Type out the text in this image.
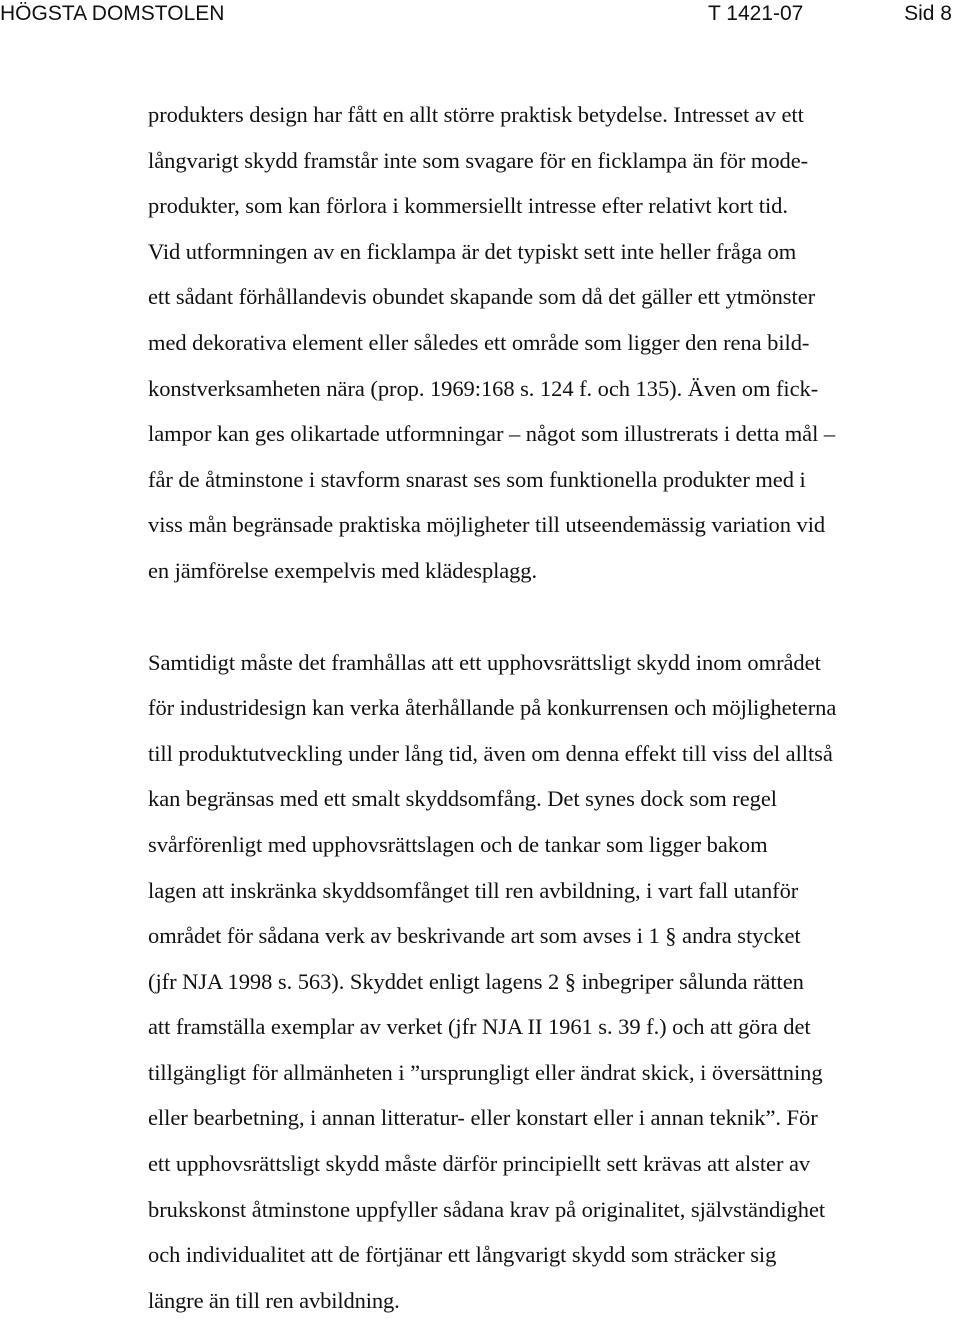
HÖGSTA DOMSTOLEN	T 1421-07	Sid 8
produkters design har fått en allt större praktisk betydelse. Intresset av ett
långvarigt skydd framstår inte som svagare för en ficklampa än för mode-
produkter, som kan förlora i kommersiellt intresse efter relativt kort tid.
Vid utformningen av en ficklampa är det typiskt sett inte heller fråga om
ett sådant förhållandevis obundet skapande som då det gäller ett ytmönster
med dekorativa element eller således ett område som ligger den rena bild-
konstverksamheten nära (prop. 1969:168 s. 124 f. och 135). Även om fick-
lampor kan ges olikartade utformningar – något som illustrerats i detta mål –
får de åtminstone i stavform snarast ses som funktionella produkter med i
viss mån begränsade praktiska möjligheter till utseendemässig variation vid
en jämförelse exempelvis med klädesplagg.
Samtidigt måste det framhållas att ett upphovsrättsligt skydd inom området
för industridesign kan verka återhållande på konkurrensen och möjligheterna
till produktutveckling under lång tid, även om denna effekt till viss del alltså
kan begränsas med ett smalt skyddsomfång. Det synes dock som regel
svårförenligt med upphovsrättslagen och de tankar som ligger bakom
lagen att inskränka skyddsomfånget till ren avbildning, i vart fall utanför
området för sådana verk av beskrivande art som avses i 1 § andra stycket
(jfr NJA 1998 s. 563). Skyddet enligt lagens 2 § inbegriper sålunda rätten
att framställa exemplar av verket (jfr NJA II 1961 s. 39 f.) och att göra det
tillgängligt för allmänheten i ”ursprungligt eller ändrat skick, i översättning
eller bearbetning, i annan litteratur- eller konstart eller i annan teknik”. För
ett upphovsrättsligt skydd måste därför principiellt sett krävas att alster av
brukskonst åtminstone uppfyller sådana krav på originalitet, självständighet
och individualitet att de förtjänar ett långvarigt skydd som sträcker sig
längre än till ren avbildning.
